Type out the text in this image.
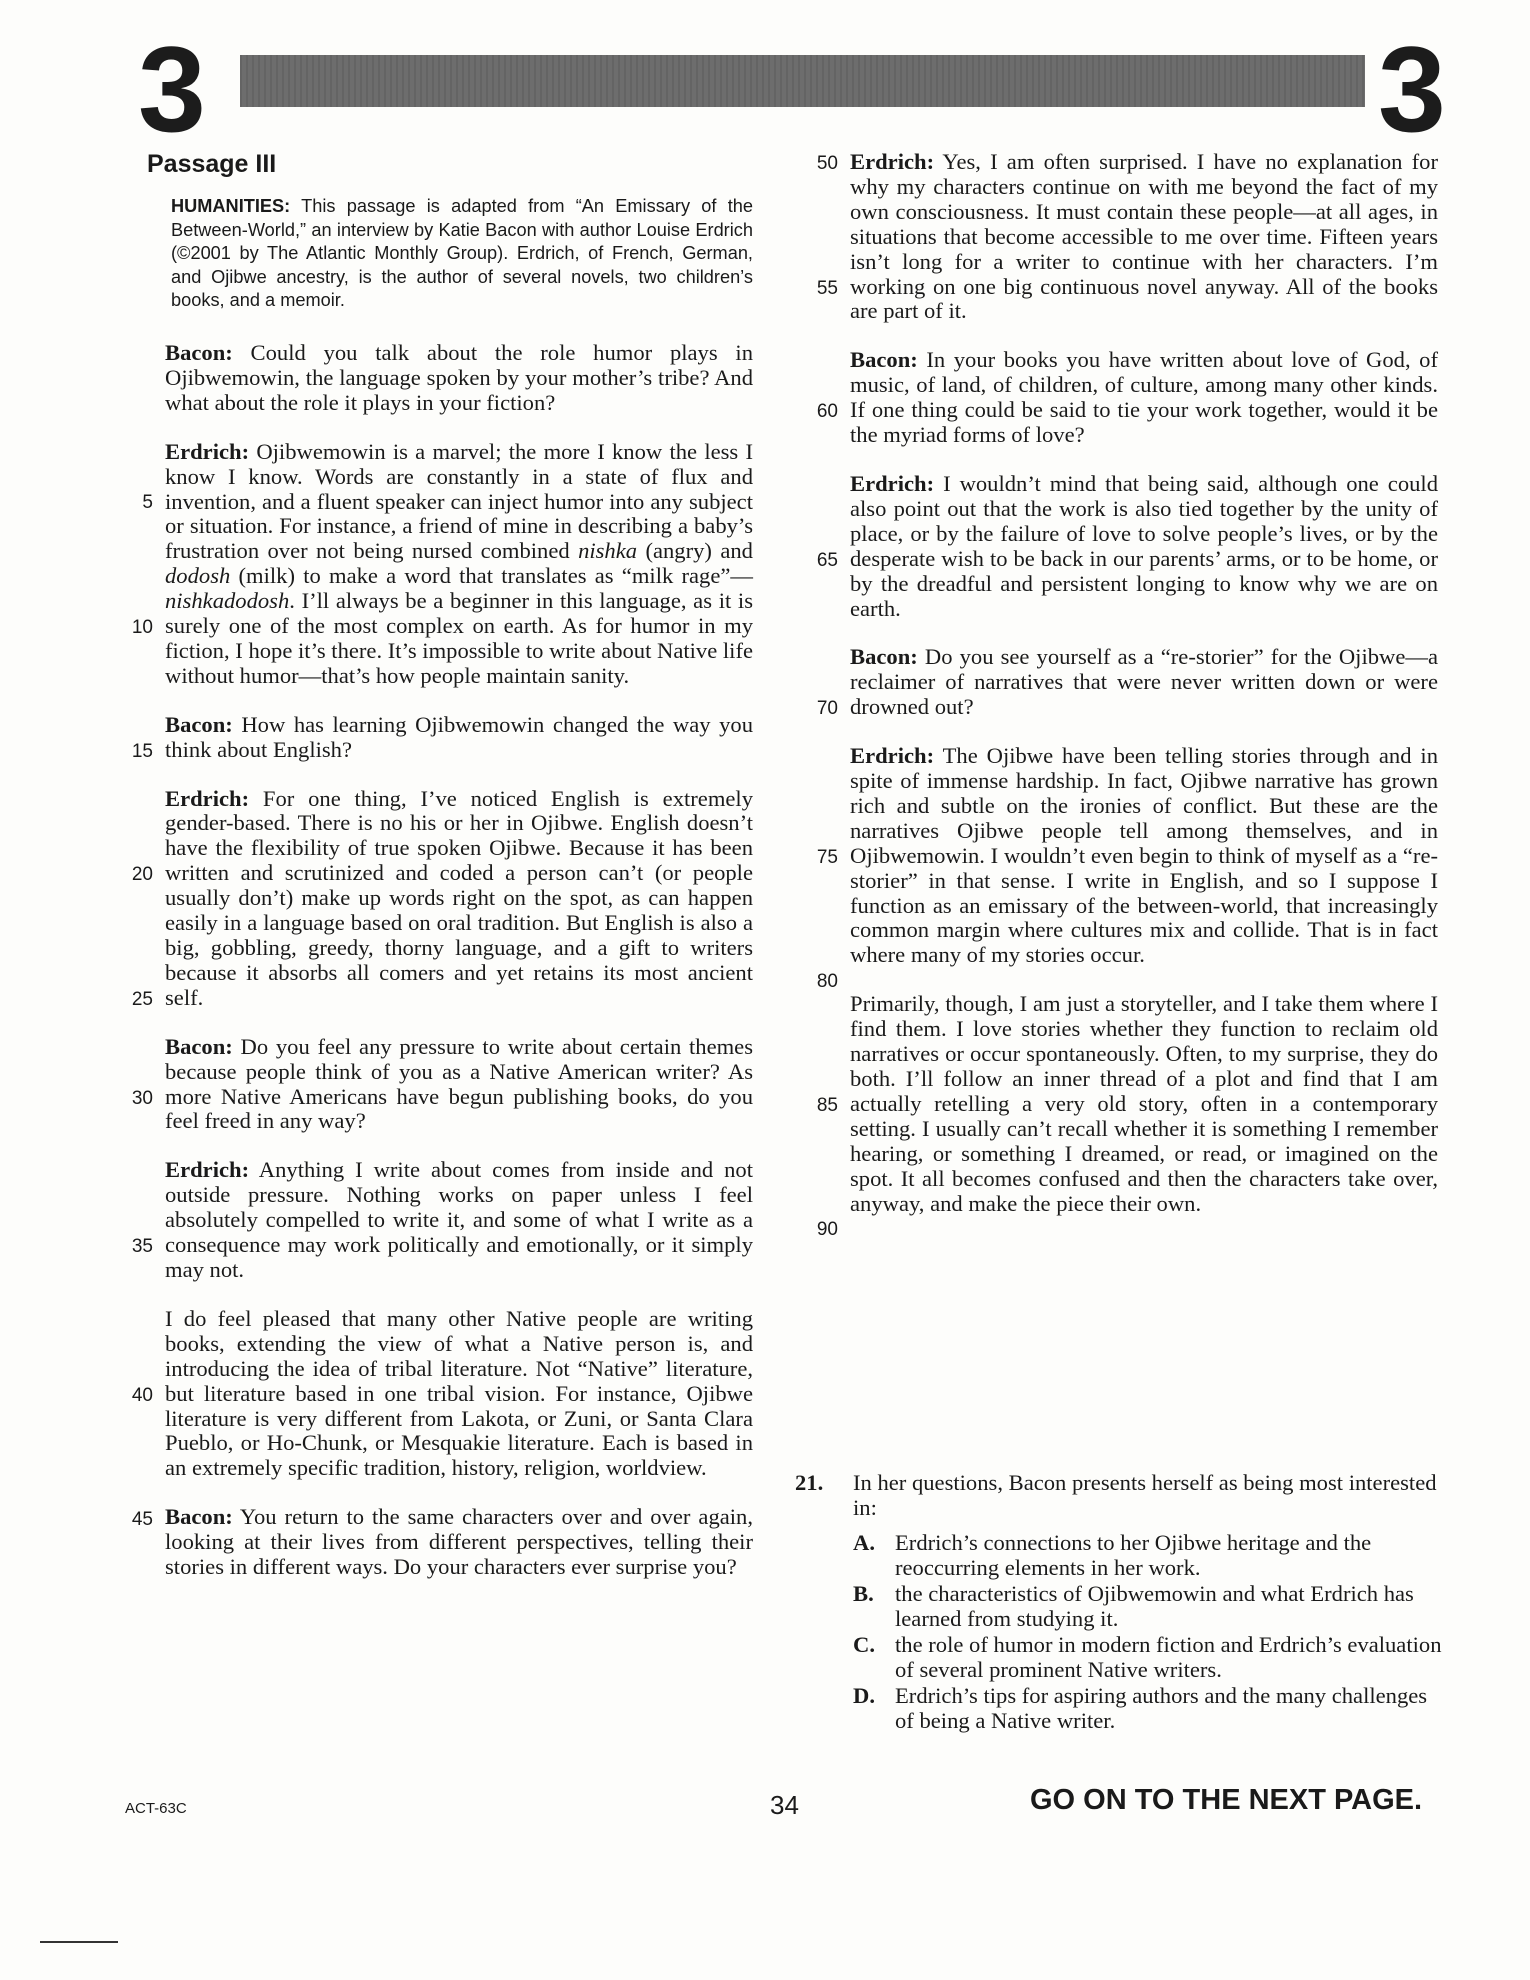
3	3
Passage III
HUMANITIES: This passage is adapted from “An Emissary of the Between-World,” an interview by Katie Bacon with author Louise Erdrich (©2001 by The Atlantic Monthly Group). Erdrich, of French, German, and Ojibwe ancestry, is the author of several novels, two children’s books, and a memoir.
Bacon: Could you talk about the role humor plays in Ojibwemowin, the language spoken by your mother’s tribe? And what about the role it plays in your fiction?
Erdrich: Ojibwemowin is a marvel; the more I know the less I know I know. Words are constantly in a state of flux and invention, and a fluent speaker can inject humor into any subject or situation. For instance, a friend of mine in describing a baby’s frustration over not being nursed combined nishka (angry) and dodosh (milk) to make a word that translates as “milk rage”—nishkadodosh. I’ll always be a beginner in this language, as it is surely one of the most complex on earth. As for humor in my fiction, I hope it’s there. It’s impossible to write about Native life without humor—that’s how people maintain sanity.
5
10
15
Bacon: How has learning Ojibwemowin changed the way you think about English?
Erdrich: For one thing, I’ve noticed English is extremely gender-based. There is no his or her in Ojibwe. English doesn’t have the flexibility of true spoken Ojibwe. Because it has been written and scrutinized and coded a person can’t (or people usually don’t) make up words right on the spot, as can happen easily in a language based on oral tradition. But English is also a big, gobbling, greedy, thorny language, and a gift to writers because it absorbs all comers and yet retains its most ancient self.
20
25
Bacon: Do you feel any pressure to write about certain themes because people think of you as a Native American writer? As more Native Americans have begun publishing books, do you feel freed in any way?
30
Erdrich: Anything I write about comes from inside and not outside pressure. Nothing works on paper unless I feel absolutely compelled to write it, and some of what I write as a consequence may work politically and emotionally, or it simply may not.
35
I do feel pleased that many other Native people are writing books, extending the view of what a Native person is, and introducing the idea of tribal literature. Not “Native” literature, but literature based in one tribal vision. For instance, Ojibwe literature is very different from Lakota, or Zuni, or Santa Clara Pueblo, or Ho-Chunk, or Mesquakie literature. Each is based in an extremely specific tradition, history, religion, worldview.
40
45 Bacon: You return to the same characters over and over again, looking at their lives from different perspectives, telling their stories in different ways. Do your characters ever surprise you?
Erdrich: Yes, I am often surprised. I have no explanation for why my characters continue on with me beyond the fact of my own consciousness. It must contain these people—at all ages, in situations that become accessible to me over time. Fifteen years isn’t long for a writer to continue with her characters. I’m working on one big continuous novel anyway. All of the books are part of it.
50
55
Bacon: In your books you have written about love of God, of music, of land, of children, of culture, among many other kinds. If one thing could be said to tie your work together, would it be the myriad forms of love?
60
Erdrich: I wouldn’t mind that being said, although one could also point out that the work is also tied together by the unity of place, or by the failure of love to solve people’s lives, or by the desperate wish to be back in our parents’ arms, or to be home, or by the dreadful and persistent longing to know why we are on earth.
65
Bacon: Do you see yourself as a “re-storier” for the Ojibwe—a reclaimer of narratives that were never written down or were drowned out?
70
Erdrich: The Ojibwe have been telling stories through and in spite of immense hardship. In fact, Ojibwe narrative has grown rich and subtle on the ironies of conflict. But these are the narratives Ojibwe people tell among themselves, and in Ojibwemowin. I wouldn’t even begin to think of myself as a “re-storier” in that sense. I write in English, and so I suppose I function as an emissary of the between-world, that increasingly common margin where cultures mix and collide. That is in fact where many of my stories occur.
75
80
Primarily, though, I am just a storyteller, and I take them where I find them. I love stories whether they function to reclaim old narratives or occur spontaneously. Often, to my surprise, they do both. I’ll follow an inner thread of a plot and find that I am actually retelling a very old story, often in a contemporary setting. I usually can’t recall whether it is something I remember hearing, or something I dreamed, or read, or imagined on the spot. It all becomes confused and then the characters take over, anyway, and make the piece their own.
85
90
21. In her questions, Bacon presents herself as being most interested in:
A. Erdrich’s connections to her Ojibwe heritage and the reoccurring elements in her work.
B. the characteristics of Ojibwemowin and what Erdrich has learned from studying it.
C. the role of humor in modern fiction and Erdrich’s evaluation of several prominent Native writers.
D. Erdrich’s tips for aspiring authors and the many challenges of being a Native writer.
ACT-63C	34	GO ON TO THE NEXT PAGE.
